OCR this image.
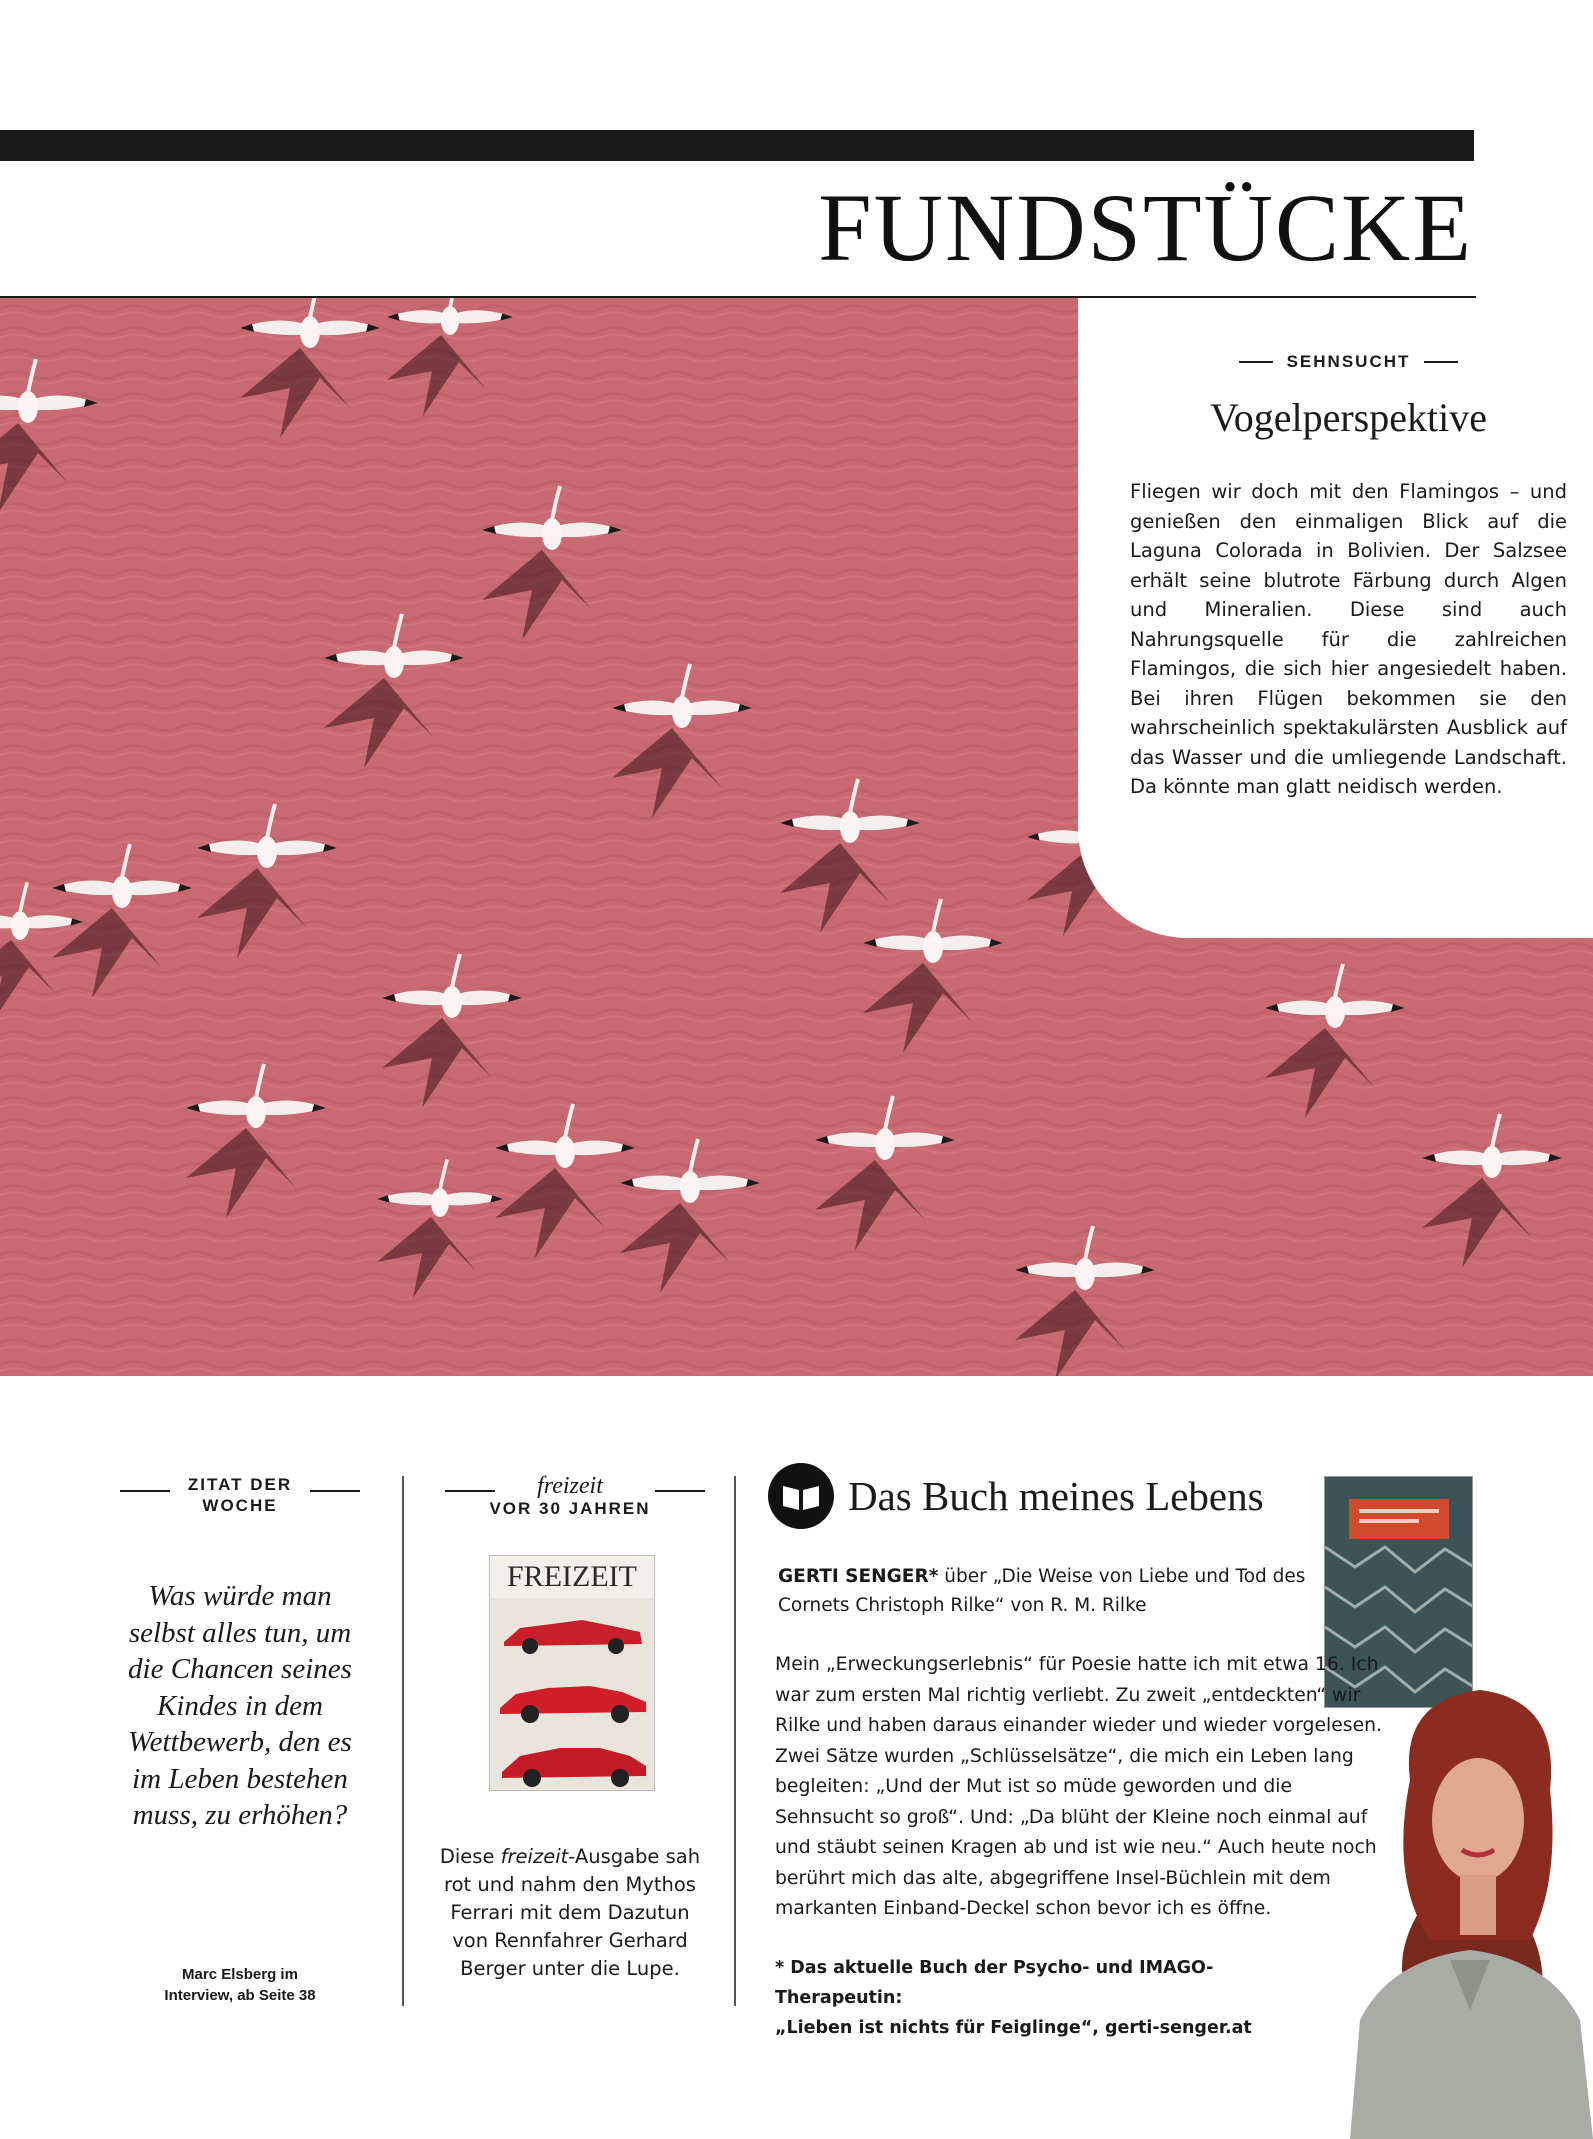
FUNDSTÜCKE
SEHNSUCHT
Vogelperspektive

Fliegen wir doch mit den Flamingos – und genießen den einmaligen Blick auf die Laguna Colorada in Bolivien. Der Salzsee erhält seine blutrote Färbung durch Algen und Mineralien. Diese sind auch Nahrungsquelle für die zahlreichen Flamingos, die sich hier angesiedelt haben. Bei ihren Flügen bekommen sie den wahrscheinlich spektakulärsten Ausblick auf das Wasser und die umliegende Landschaft. Da könnte man glatt neidisch werden.

ZITAT DER
WOCHE
Was würde man selbst alles tun, um die Chancen seines Kindes in dem Wettbewerb, den es im Leben bestehen muss, zu erhöhen?
Marc Elsberg im
Interview, ab Seite 38
freizeit
VOR 30 JAHREN
FREIZEIT
Diese freizeit-Ausgabe sah rot und nahm den Mythos Ferrari mit dem Dazutun von Rennfahrer Gerhard Berger unter die Lupe.
Das Buch meines Lebens
GERTI SENGER* über „Die Weise von Liebe und Tod des Cornets Christoph Rilke“ von R. M. Rilke
Mein „Erweckungserlebnis“ für Poesie hatte ich mit etwa 16. Ich war zum ersten Mal richtig verliebt. Zu zweit „entdeckten“ wir Rilke und haben daraus einander wieder und wieder vorgelesen. Zwei Sätze wurden „Schlüsselsätze“, die mich ein Leben lang begleiten: „Und der Mut ist so müde geworden und die Sehnsucht so groß“. Und: „Da blüht der Kleine noch einmal auf und stäubt seinen Kragen ab und ist wie neu.“ Auch heute noch berührt mich das alte, abgegriffene Insel-Büchlein mit dem markanten Einband-Deckel schon bevor ich es öffne.
* Das aktuelle Buch der Psycho- und IMAGO-Therapeutin:
„Lieben ist nichts für Feiglinge“, gerti-senger.at
